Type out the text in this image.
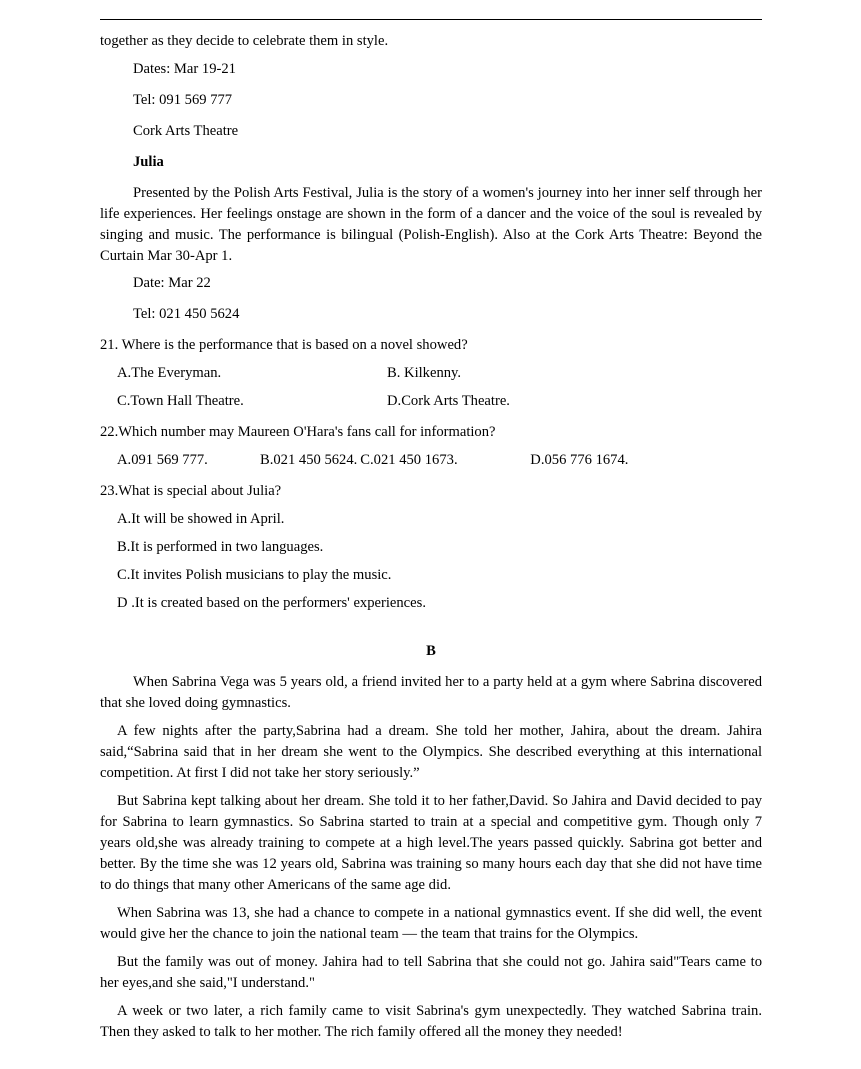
together as they decide to celebrate them in style.

Dates: Mar 19-21

Tel: 091 569 777

Cork Arts Theatre

Julia

Presented by the Polish Arts Festival, Julia is the story of a women's journey into her inner self through her life experiences. Her feelings onstage are shown in the form of a dancer and the voice of the soul is revealed by singing and music. The performance is bilingual (Polish-English). Also at the Cork Arts Theatre: Beyond the Curtain Mar 30-Apr 1.

Date: Mar 22

Tel: 021 450 5624

21. Where is the performance that is based on a novel showed?

A.The Everyman.	B. Kilkenny.
C.Town Hall Theatre.	D.Cork Arts Theatre.

22.Which number may Maureen O'Hara's fans call for information?

A.091 569 777.	B.021 450 5624. C.021 450 1673.	D.056 776 1674.

23.What is special about Julia?

A.It will be showed in April.

B.It is performed in two languages.

C.It invites Polish musicians to play the music.

D .It is created based on the performers' experiences.

B

When Sabrina Vega was 5 years old, a friend invited her to a party held at a gym where Sabrina discovered that she loved doing gymnastics.

A few nights after the party,Sabrina had a dream. She told her mother, Jahira, about the dream. Jahira said,“Sabrina said that in her dream she went to the Olympics. She described everything at this international competition. At first I did not take her story seriously.”

But Sabrina kept talking about her dream. She told it to her father,David. So Jahira and David decided to pay for Sabrina to learn gymnastics. So Sabrina started to train at a special and competitive gym. Though only 7 years old,she was already training to compete at a high level.The years passed quickly. Sabrina got better and better. By the time she was 12 years old, Sabrina was training so many hours each day that she did not have time to do things that many other Americans of the same age did.

When Sabrina was 13, she had a chance to compete in a national gymnastics event. If she did well, the event would give her the chance to join the national team — the team that trains for the Olympics.

But the family was out of money. Jahira had to tell Sabrina that she could not go. Jahira said"Tears came to her eyes,and she said,"I understand."

A week or two later, a rich family came to visit Sabrina's gym unexpectedly. They watched Sabrina train. Then they asked to talk to her mother. The rich family offered all the money they needed!
